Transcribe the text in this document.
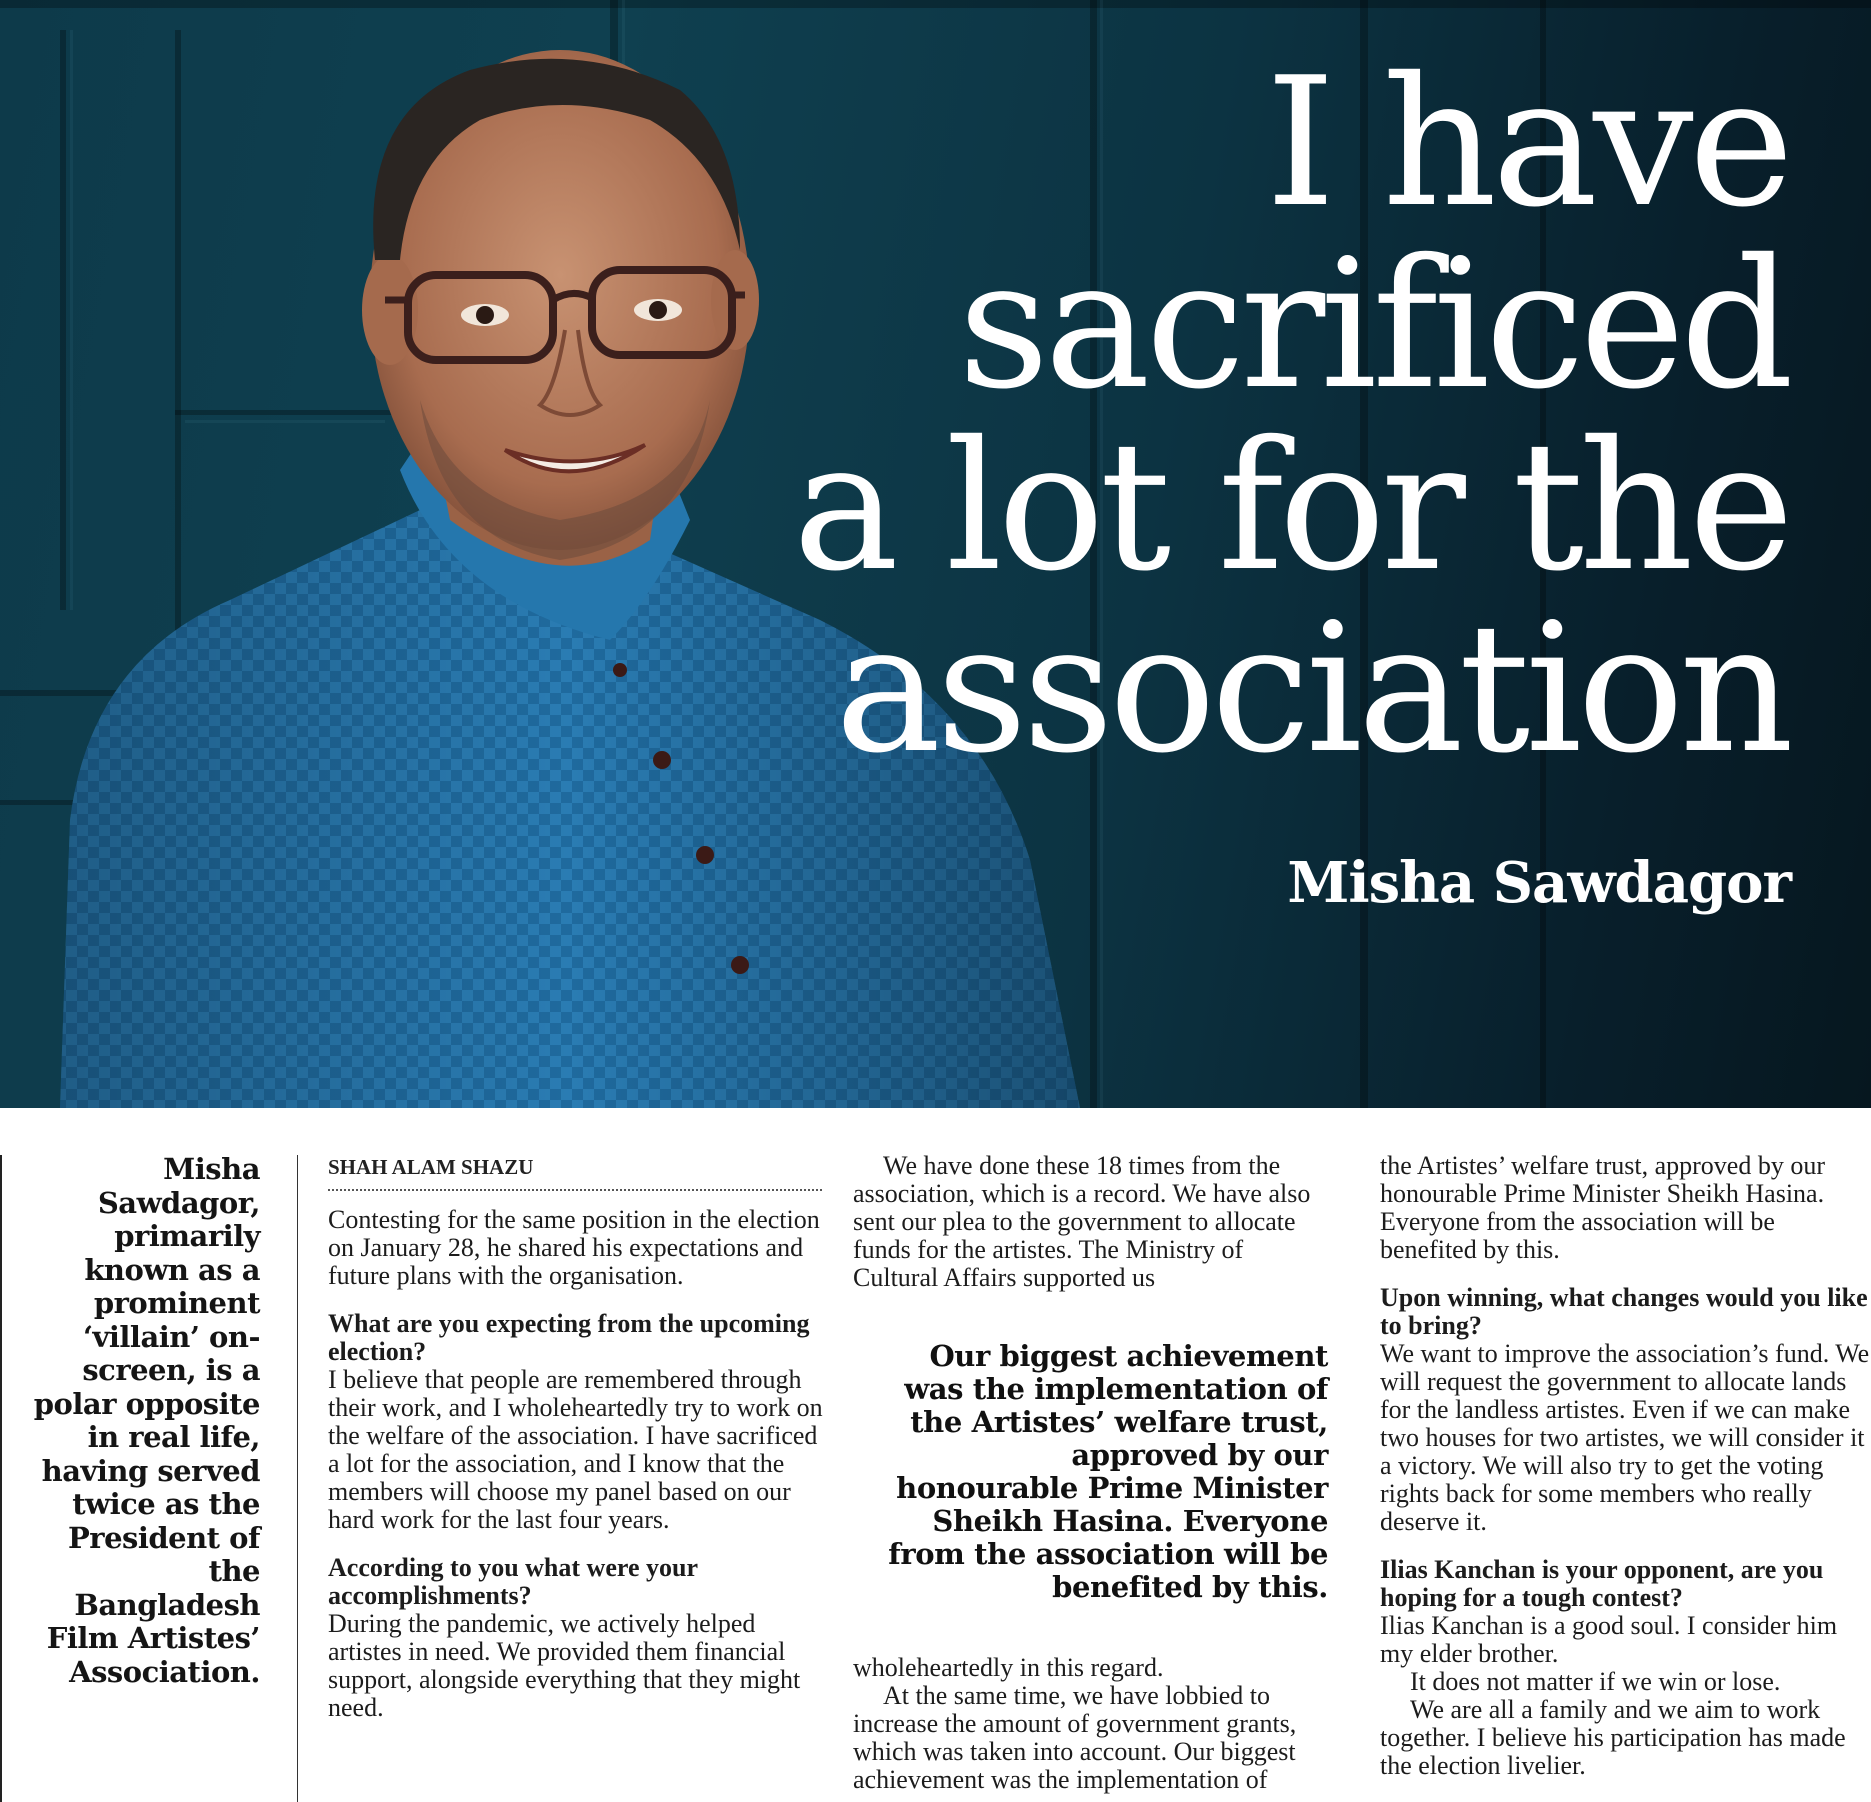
I have
sacrificed
a lot for the
association
Misha Sawdagor
Misha Sawdagor, primarily known as a prominent ‘villain’ on-screen, is a polar opposite in real life, having served twice as the President of the Bangladesh Film Artistes’ Association.
SHAH ALAM SHAZU

Contesting for the same position in the election on January 28, he shared his expectations and future plans with the organisation.

What are you expecting from the upcoming election?

I believe that people are remembered through their work, and I wholeheartedly try to work on the welfare of the association. I have sacrificed a lot for the association, and I know that the members will choose my panel based on our hard work for the last four years.

According to you what were your accomplishments?

During the pandemic, we actively helped artistes in need. We provided them financial support, alongside everything that they might need.

We have done these 18 times from the association, which is a record. We have also sent our plea to the government to allocate funds for the artistes. The Ministry of Cultural Affairs supported us

Our biggest achievement was the implementation of the Artistes’ welfare trust, approved by our honourable Prime Minister Sheikh Hasina. Everyone from the association will be benefited by this.

wholeheartedly in this regard.

At the same time, we have lobbied to increase the amount of government grants, which was taken into account. Our biggest achievement was the implementation of

the Artistes’ welfare trust, approved by our honourable Prime Minister Sheikh Hasina. Everyone from the association will be benefited by this.

Upon winning, what changes would you like to bring?

We want to improve the association’s fund. We will request the government to allocate lands for the landless artistes. Even if we can make two houses for two artistes, we will consider it a victory. We will also try to get the voting rights back for some members who really deserve it.

Ilias Kanchan is your opponent, are you hoping for a tough contest?

Ilias Kanchan is a good soul. I consider him my elder brother.

It does not matter if we win or lose.

We are all a family and we aim to work together. I believe his participation has made the election livelier.
